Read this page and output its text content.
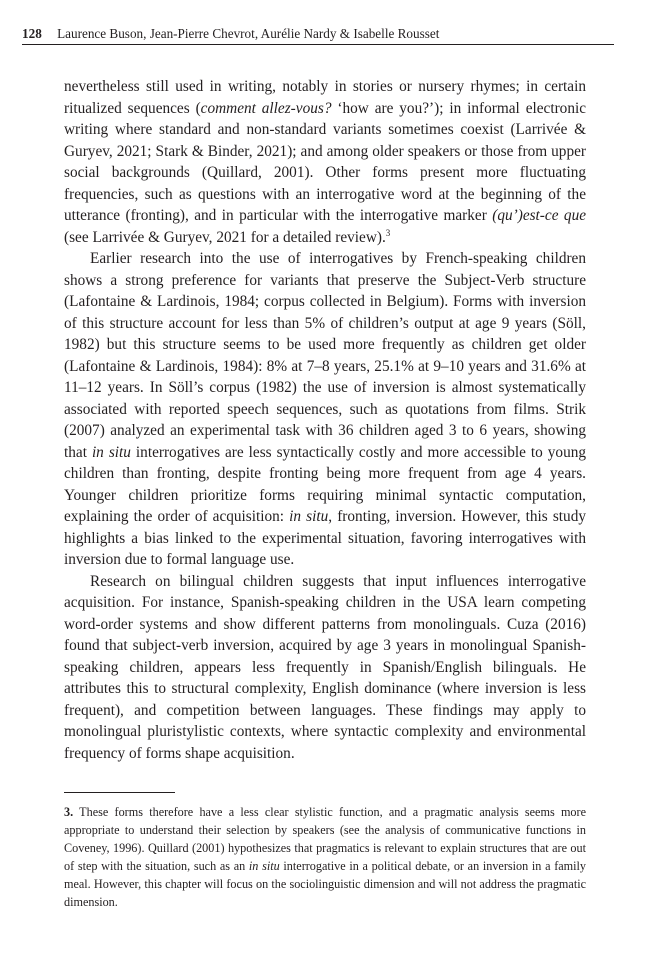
128 Laurence Buson, Jean-Pierre Chevrot, Aurélie Nardy & Isabelle Rousset

nevertheless still used in writing, notably in stories or nursery rhymes; in certain ritualized sequences (comment allez-vous? ‘how are you?’); in informal electronic writing where standard and non-standard variants sometimes coexist (Larrivée & Guryev, 2021; Stark & Binder, 2021); and among older speakers or those from upper social backgrounds (Quillard, 2001). Other forms present more fluctuating frequencies, such as questions with an interrogative word at the beginning of the utterance (fronting), and in particular with the interrogative marker (qu’)est-ce que (see Larrivée & Guryev, 2021 for a detailed review).$^3$

Earlier research into the use of interrogatives by French-speaking children shows a strong preference for variants that preserve the Subject-Verb structure (Lafontaine & Lardinois, 1984; corpus collected in Belgium). Forms with inversion of this structure account for less than 5% of children’s output at age 9 years (Söll, 1982) but this structure seems to be used more frequently as children get older (Lafontaine & Lardinois, 1984): 8% at 7–8 years, 25.1% at 9–10 years and 31.6% at 11–12 years. In Söll’s corpus (1982) the use of inversion is almost systematically associated with reported speech sequences, such as quotations from films. Strik (2007) analyzed an experimental task with 36 children aged 3 to 6 years, showing that in situ interrogatives are less syntactically costly and more accessible to young children than fronting, despite fronting being more frequent from age 4 years. Younger children prioritize forms requiring minimal syntactic computation, explaining the order of acquisition: in situ, fronting, inversion. However, this study highlights a bias linked to the experimental situation, favoring interrogatives with inversion due to formal language use.

Research on bilingual children suggests that input influences interrogative acquisition. For instance, Spanish-speaking children in the USA learn competing word-order systems and show different patterns from monolinguals. Cuza (2016) found that subject-verb inversion, acquired by age 3 years in monolingual Spanish-speaking children, appears less frequently in Spanish/English bilinguals. He attributes this to structural complexity, English dominance (where inversion is less frequent), and competition between languages. These findings may apply to monolingual pluristylistic contexts, where syntactic complexity and environmental frequency of forms shape acquisition.

3. These forms therefore have a less clear stylistic function, and a pragmatic analysis seems more appropriate to understand their selection by speakers (see the analysis of communicative functions in Coveney, 1996). Quillard (2001) hypothesizes that pragmatics is relevant to explain structures that are out of step with the situation, such as an in situ interrogative in a political debate, or an inversion in a family meal. However, this chapter will focus on the sociolinguistic dimension and will not address the pragmatic dimension.
